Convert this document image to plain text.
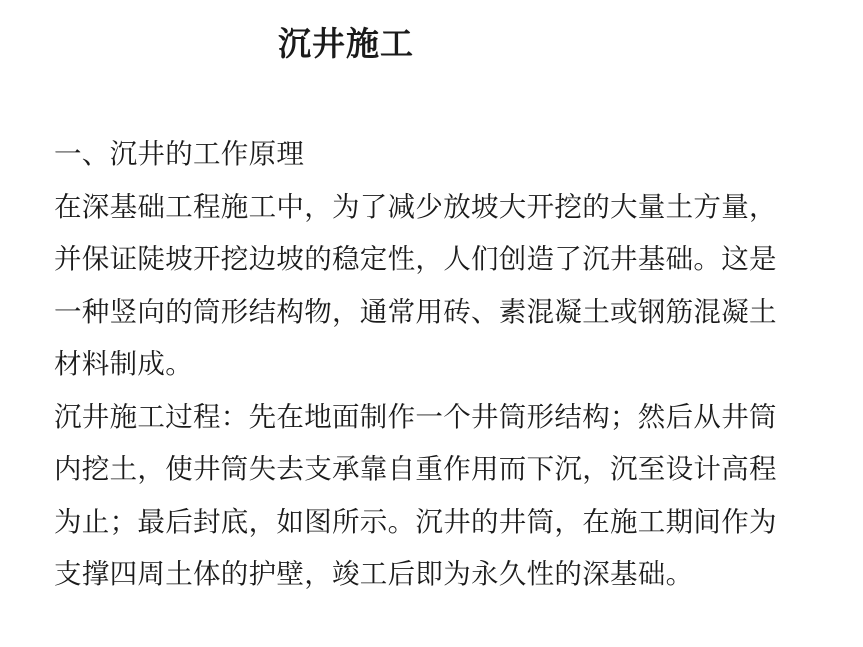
沉井施工
一、沉井的工作原理
在深基础工程施工中，为了减少放坡大开挖的大量土方量，
并保证陡坡开挖边坡的稳定性，人们创造了沉井基础。这是
一种竖向的筒形结构物，通常用砖、素混凝土或钢筋混凝土
材料制成。
沉井施工过程：先在地面制作一个井筒形结构；然后从井筒
内挖土，使井筒失去支承靠自重作用而下沉，沉至设计高程
为止；最后封底，如图所示。沉井的井筒，在施工期间作为
支撑四周土体的护壁，竣工后即为永久性的深基础。
